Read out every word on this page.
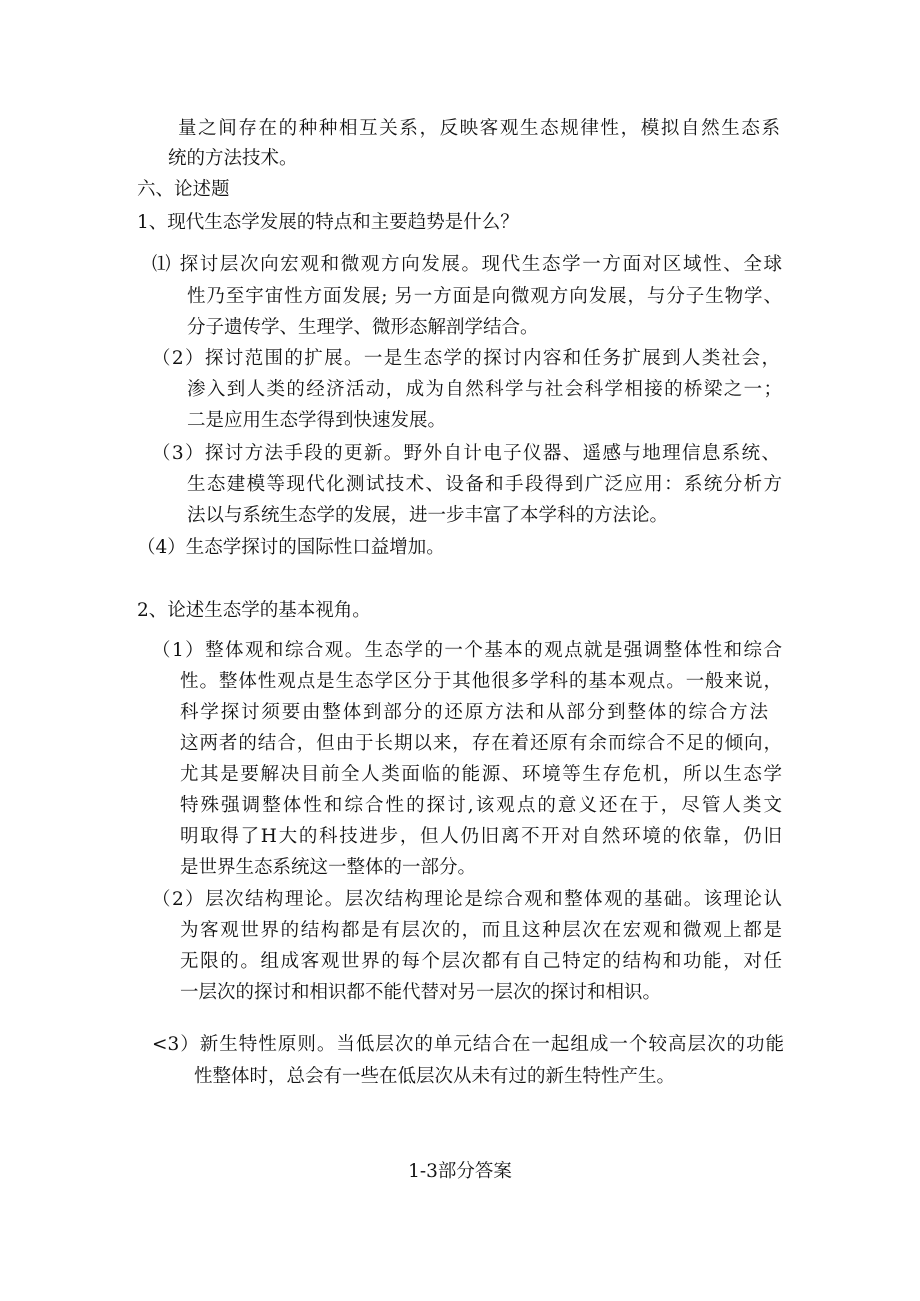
量之间存在的种种相互关系，反映客观生态规律性，模拟自然生态系
统的方法技术。
六、论述题
1、现代生态学发展的特点和主要趋势是什么？
⑴ 探讨层次向宏观和微观方向发展。现代生态学一方面对区域性、全球
性乃至宇宙性方面发展; 另一方面是向微观方向发展，与分子生物学、
分子遗传学、生理学、微形态解剖学结合。
（2）探讨范围的扩展。一是生态学的探讨内容和任务扩展到人类社会，
渗入到人类的经济活动，成为自然科学与社会科学相接的桥梁之一；
二是应用生态学得到快速发展。
（3）探讨方法手段的更新。野外自计电子仪器、遥感与地理信息系统、
生态建模等现代化测试技术、设备和手段得到广泛应用：系统分析方
法以与系统生态学的发展，进一步丰富了本学科的方法论。
（4）生态学探讨的国际性口益增加。
2、论述生态学的基本视角。
（1）整体观和综合观。生态学的一个基本的观点就是强调整体性和综合
性。整体性观点是生态学区分于其他很多学科的基本观点。一般来说，
科学探讨须要由整体到部分的还原方法和从部分到整体的综合方法
这两者的结合，但由于长期以来，存在着还原有余而综合不足的倾向，
尤其是要解决目前全人类面临的能源、环境等生存危机，所以生态学
特殊强调整体性和综合性的探讨,该观点的意义还在于，尽管人类文
明取得了H大的科技进步，但人仍旧离不开对自然环境的依靠，仍旧
是世界生态系统这一整体的一部分。
（2）层次结构理论。层次结构理论是综合观和整体观的基础。该理论认
为客观世界的结构都是有层次的，而且这种层次在宏观和微观上都是
无限的。组成客观世界的每个层次都有自己特定的结构和功能，对任
一层次的探讨和相识都不能代替对另一层次的探讨和相识。
<3）新生特性原则。当低层次的单元结合在一起组成一个较高层次的功能
性整体时，总会有一些在低层次从未有过的新生特性产生。
1-3部分答案
